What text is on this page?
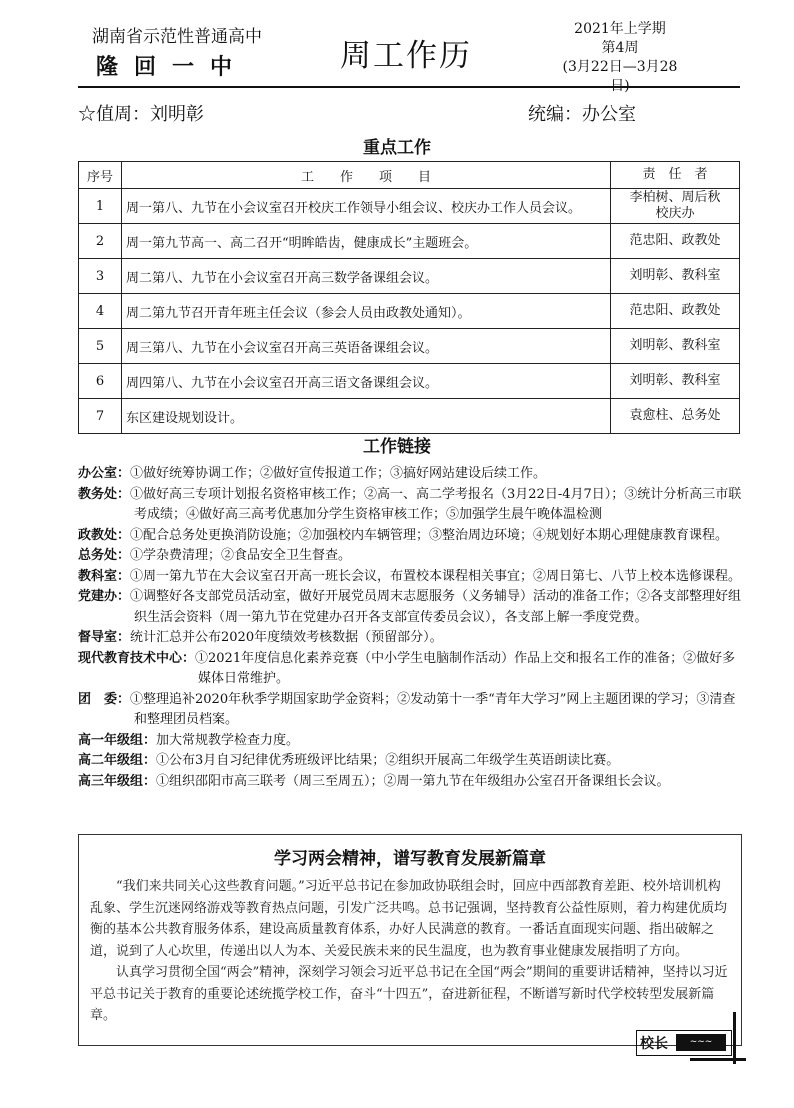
湖南省示范性普通高中
隆回一中	周工作历
2021年上学期
第4周
(3月22日—3月28日)
☆值周：刘明彰	统编：办公室
重点工作
序号	工　　作　　项　　目	责　任　者
1	周一第八、九节在小会议室召开校庆工作领导小组会议、校庆办工作人员会议。	李柏树、周后秋
校庆办
2	周一第九节高一、高二召开“明眸皓齿，健康成长”主题班会。	范忠阳、政教处
3	周二第八、九节在小会议室召开高三数学备课组会议。	刘明彰、教科室
4	周二第九节召开青年班主任会议（参会人员由政教处通知）。	范忠阳、政教处
5	周三第八、九节在小会议室召开高三英语备课组会议。	刘明彰、教科室
6	周四第八、九节在小会议室召开高三语文备课组会议。	刘明彰、教科室
7	东区建设规划设计。	袁愈柱、总务处
工作链接

办公室：①做好统筹协调工作；②做好宣传报道工作；③搞好网站建设后续工作。

教务处：①做好高三专项计划报名资格审核工作；②高一、高二学考报名（3月22日-4月7日）；③统计分析高三市联考成绩；④做好高三高考优惠加分学生资格审核工作；⑤加强学生晨午晚体温检测

政教处：①配合总务处更换消防设施；②加强校内车辆管理；③整治周边环境；④规划好本期心理健康教育课程。

总务处：①学杂费清理；②食品安全卫生督查。

教科室：①周一第九节在大会议室召开高一班长会议，布置校本课程相关事宜；②周日第七、八节上校本选修课程。

党建办：①调整好各支部党员活动室，做好开展党员周末志愿服务（义务辅导）活动的准备工作；②各支部整理好组织生活会资料（周一第九节在党建办召开各支部宣传委员会议），各支部上解一季度党费。

督导室：统计汇总并公布2020年度绩效考核数据（预留部分）。

现代教育技术中心：①2021年度信息化素养竞赛（中小学生电脑制作活动）作品上交和报名工作的准备；②做好多媒体日常维护。

团　委：①整理追补2020年秋季学期国家助学金资料；②发动第十一季“青年大学习”网上主题团课的学习；③清查和整理团员档案。

高一年级组：加大常规教学检查力度。

高二年级组：①公布3月自习纪律优秀班级评比结果；②组织开展高二年级学生英语朗读比赛。

高三年级组：①组织邵阳市高三联考（周三至周五）；②周一第九节在年级组办公室召开备课组长会议。

学习两会精神，谱写教育发展新篇章

“我们来共同关心这些教育问题。”习近平总书记在参加政协联组会时，回应中西部教育差距、校外培训机构乱象、学生沉迷网络游戏等教育热点问题，引发广泛共鸣。总书记强调，坚持教育公益性原则，着力构建优质均衡的基本公共教育服务体系，建设高质量教育体系，办好人民满意的教育。一番话直面现实问题、指出破解之道，说到了人心坎里，传递出以人为本、关爱民族未来的民生温度，也为教育事业健康发展指明了方向。

认真学习贯彻全国“两会”精神，深刻学习领会习近平总书记在全国“两会”期间的重要讲话精神，坚持以习近平总书记关于教育的重要论述统揽学校工作，奋斗“十四五”，奋进新征程，不断谱写新时代学校转型发展新篇章。

校长	~~~
